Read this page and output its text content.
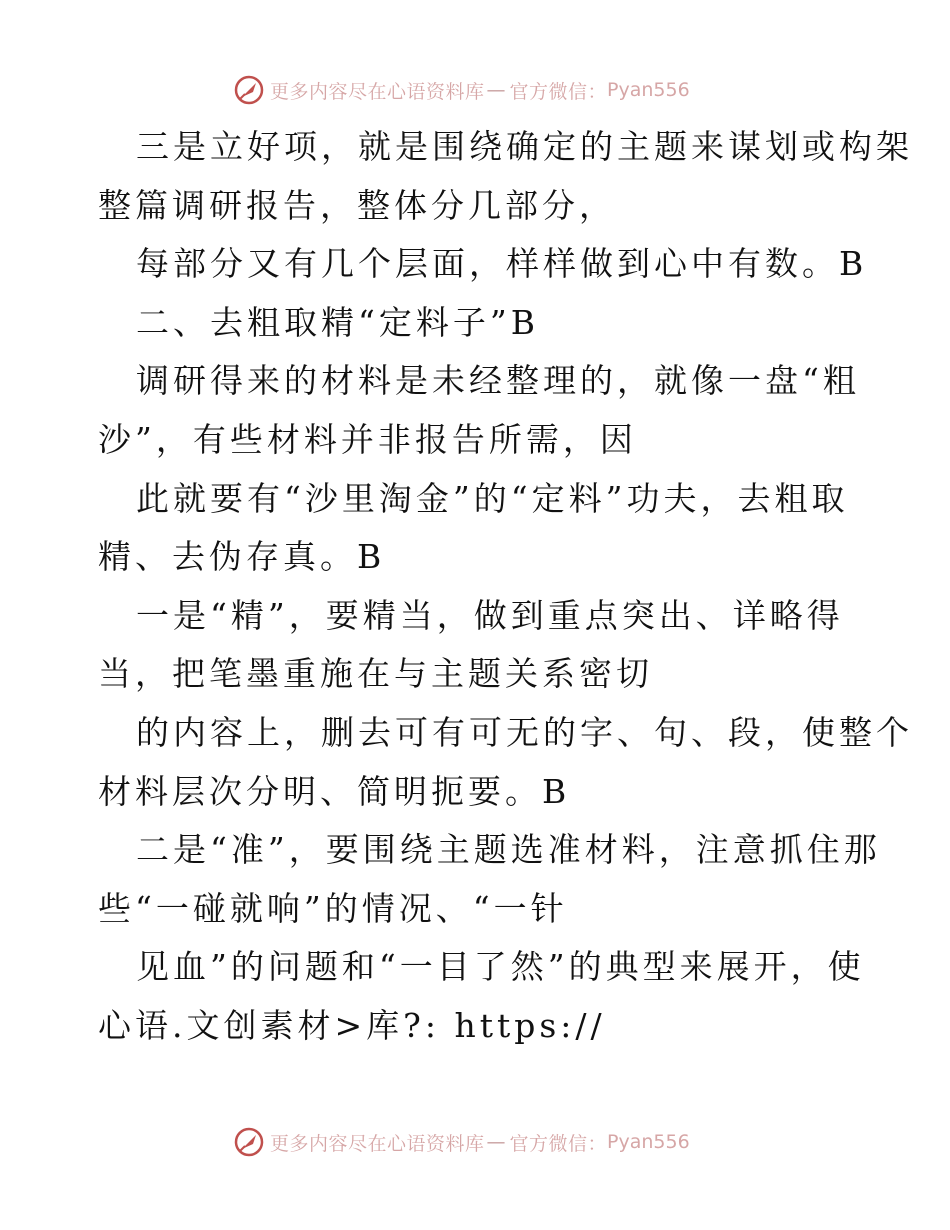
更多内容尽在心语资料库 — 官方微信： Pyan556
三是立好项，就是围绕确定的主题来谋划或构架
整篇调研报告，整体分几部分，
每部分又有几个层面，样样做到心中有数。B
二、去粗取精“定料子”B
调研得来的材料是未经整理的，就像一盘“粗
沙”，有些材料并非报告所需，因
此就要有“沙里淘金”的“定料”功夫，去粗取
精、去伪存真。B
一是“精”，要精当，做到重点突出、详略得
当，把笔墨重施在与主题关系密切
的内容上，删去可有可无的字、句、段，使整个
材料层次分明、简明扼要。B
二是“准”，要围绕主题选准材料，注意抓住那
些“一碰就响”的情况、“一针
见血”的问题和“一目了然”的典型来展开，使
心语.文创素材>库?: https://
更多内容尽在心语资料库 — 官方微信： Pyan556
